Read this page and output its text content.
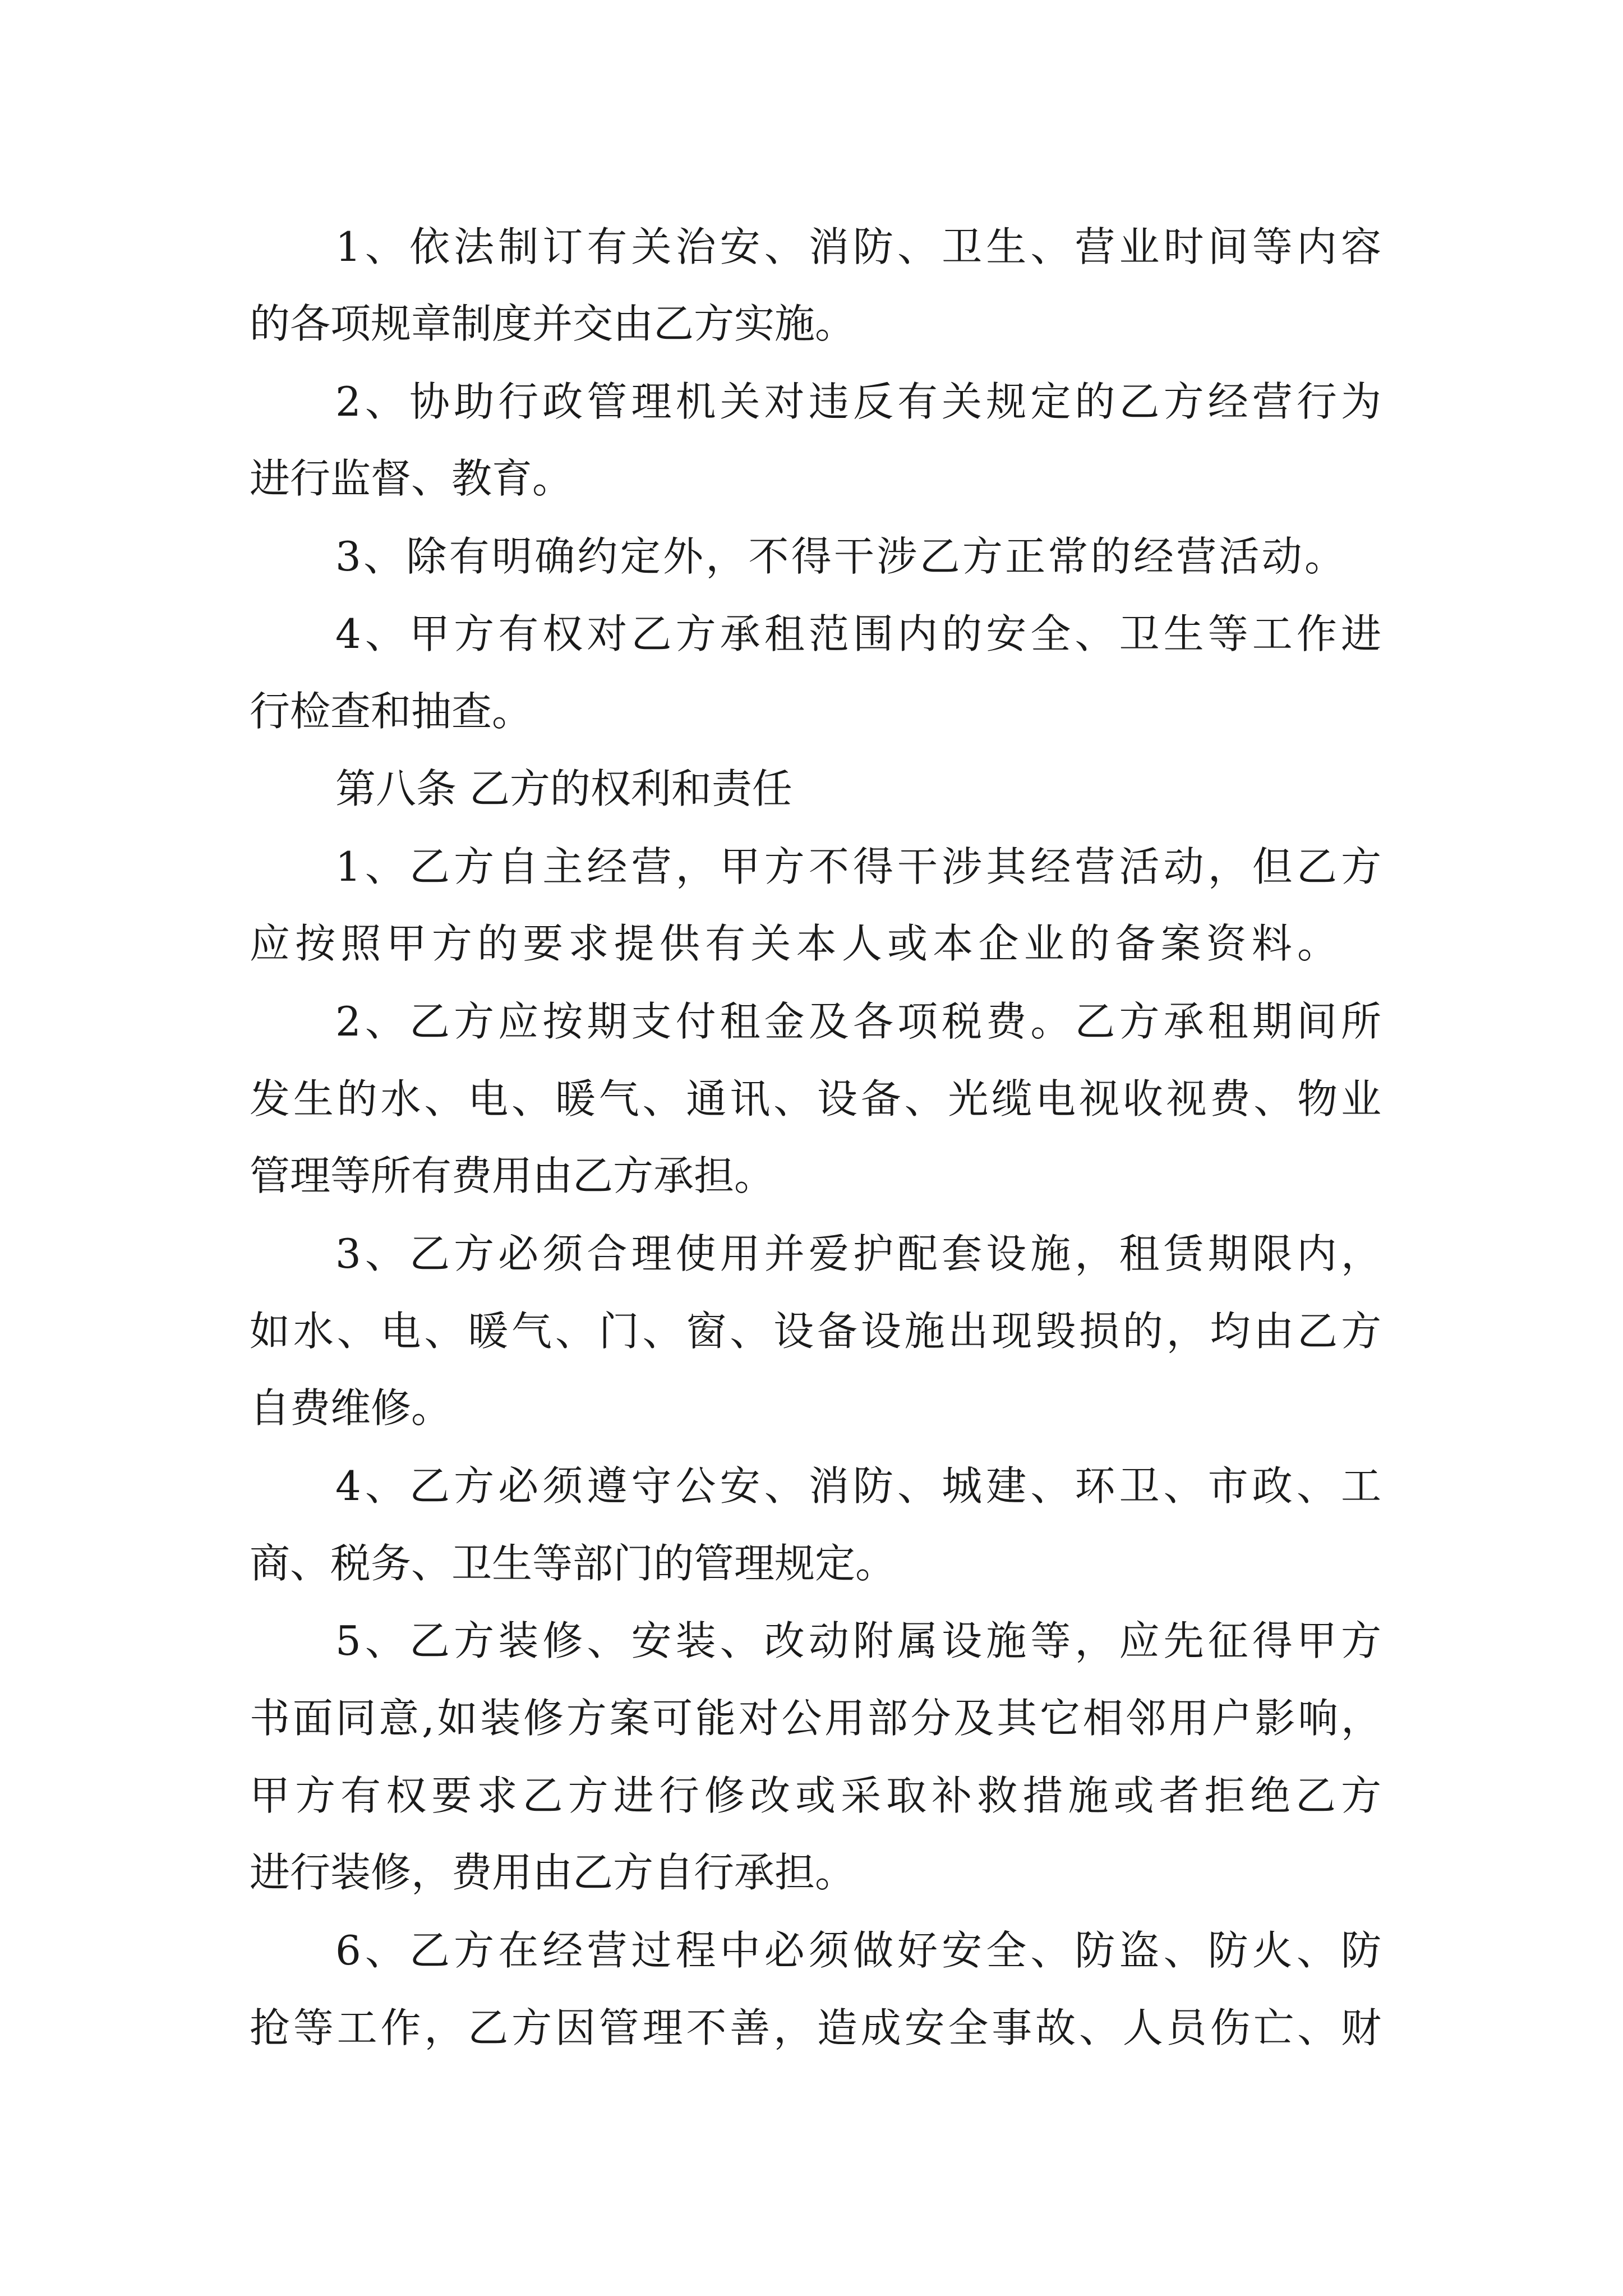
1、依法制订有关治安、消防、卫生、营业时间等内容
的各项规章制度并交由乙方实施。
2、协助行政管理机关对违反有关规定的乙方经营行为
进行监督、教育。
3、除有明确约定外，不得干涉乙方正常的经营活动。
4、甲方有权对乙方承租范围内的安全、卫生等工作进
行检查和抽查。
第八条 乙方的权利和责任
1、乙方自主经营，甲方不得干涉其经营活动，但乙方
应按照甲方的要求提供有关本人或本企业的备案资料。
2、乙方应按期支付租金及各项税费。乙方承租期间所
发生的水、电、暖气、通讯、设备、光缆电视收视费、物业
管理等所有费用由乙方承担。
3、乙方必须合理使用并爱护配套设施，租赁期限内，
如水、电、暖气、门、窗、设备设施出现毁损的，均由乙方
自费维修。
4、乙方必须遵守公安、消防、城建、环卫、市政、工
商、税务、卫生等部门的管理规定。
5、乙方装修、安装、改动附属设施等，应先征得甲方
书面同意,如装修方案可能对公用部分及其它相邻用户影响，
甲方有权要求乙方进行修改或采取补救措施或者拒绝乙方
进行装修，费用由乙方自行承担。
6、乙方在经营过程中必须做好安全、防盗、防火、防
抢等工作，乙方因管理不善，造成安全事故、人员伤亡、财
